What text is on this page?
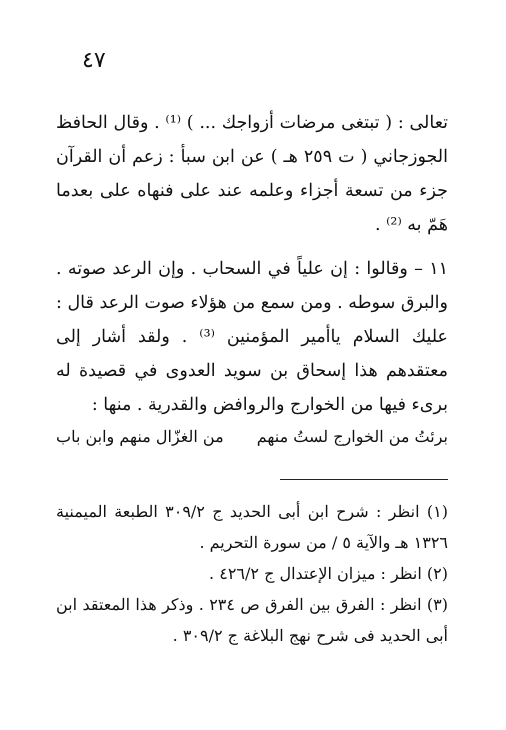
٤٧

تعالى : ( تبتغى مرضات أزواجك ... ) ⁽¹⁾ . وقال الحافظ الجوزجاني ( ت ٢٥٩ هـ ) عن ابن سبأ : زعم أن القرآن جزء من تسعة أجزاء وعلمه عند على فنهاه على بعدما هَمّ به ⁽²⁾ .

١١ – وقالوا : إن علياً في السحاب . وإن الرعد صوته . والبرق سوطه . ومن سمع من هؤلاء صوت الرعد قال : عليك السلام ياأمير المؤمنين ⁽³⁾ . ولقد أشار إلى معتقدهم هذا إسحاق بن سويد العدوى في قصيدة له برىء فيها من الخوارج والروافض والقدرية . منها :

برئتُ من الخوارج لستُ منهم
من الغزّال منهم وابن باب

(١) انظر : شرح ابن أبى الحديد ج ٣٠٩/٢ الطبعة الميمنية ١٣٢٦ هـ والآية ٥ / من سورة التحريم .

(٢) انظر : ميزان الإعتدال ج ٤٢٦/٢ .

(٣) انظر : الفرق بين الفرق ص ٢٣٤ . وذكر هذا المعتقد ابن أبى الحديد فى شرح نهج البلاغة ج ٣٠٩/٢ .
